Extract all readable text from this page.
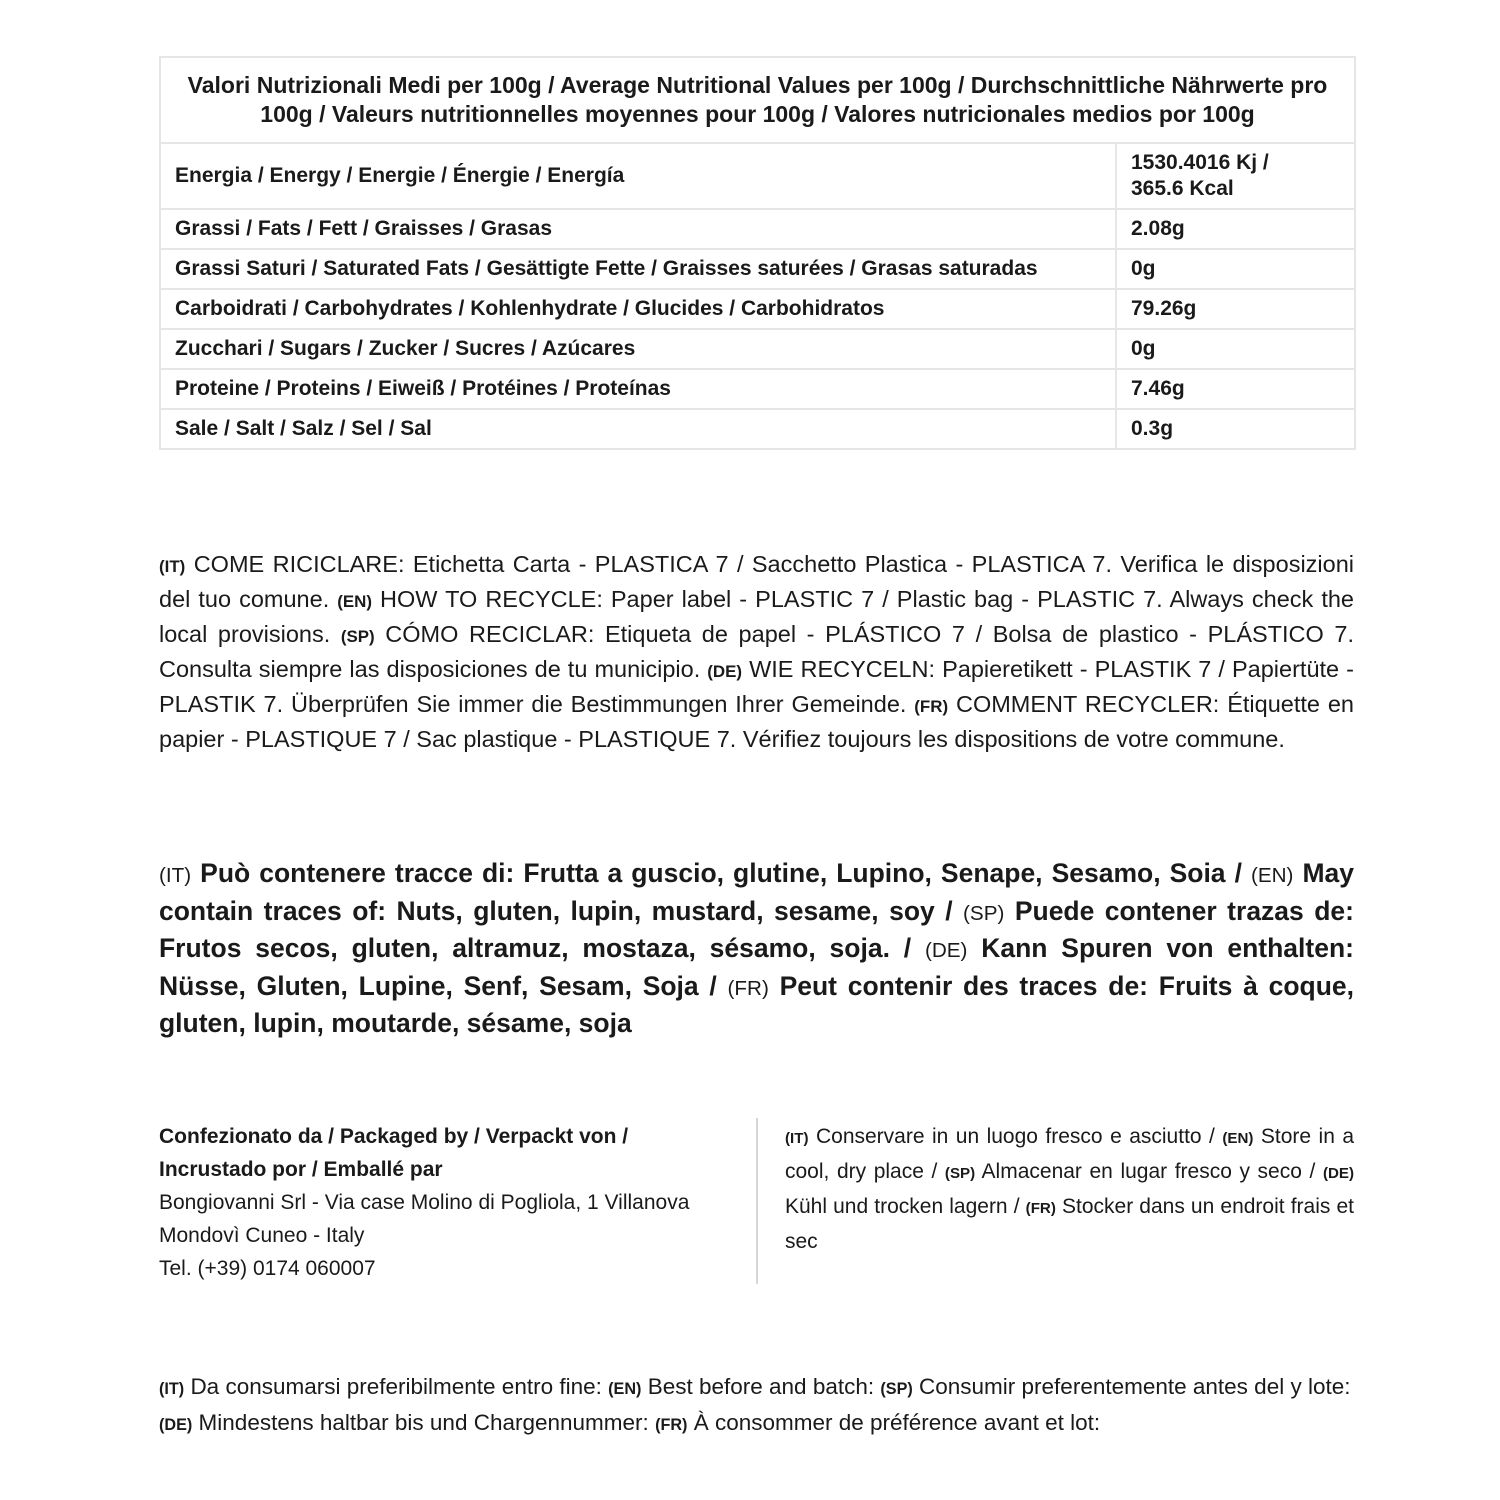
Valori Nutrizionali Medi per 100g / Average Nutritional Values per 100g / Durchschnittliche Nährwerte pro 100g / Valeurs nutritionnelles moyennes pour 100g / Valores nutricionales medios por 100g	
Energia / Energy / Energie / Énergie / Energía	1530.4016 Kj /
365.6 Kcal
Grassi / Fats / Fett / Graisses / Grasas	2.08g
Grassi Saturi / Saturated Fats / Gesättigte Fette / Graisses saturées / Grasas saturadas	0g
Carboidrati / Carbohydrates / Kohlenhydrate / Glucides / Carbohidratos	79.26g
Zucchari / Sugars / Zucker / Sucres / Azúcares	0g
Proteine / Proteins / Eiweiß / Protéines / Proteínas	7.46g
Sale / Salt / Salz / Sel / Sal	0.3g

(IT) COME RICICLARE: Etichetta Carta - PLASTICA 7 / Sacchetto Plastica - PLASTICA 7. Verifica le disposizioni del tuo comune. (EN) HOW TO RECYCLE: Paper label - PLASTIC 7 / Plastic bag - PLASTIC 7. Always check the local provisions. (SP) CÓMO RECICLAR: Etiqueta de papel - PLÁSTICO 7 / Bolsa de plastico - PLÁSTICO 7. Consulta siempre las disposiciones de tu municipio. (DE) WIE RECYCELN: Papieretikett - PLASTIK 7 / Papiertüte - PLASTIK 7. Überprüfen Sie immer die Bestimmungen Ihrer Gemeinde. (FR) COMMENT RECYCLER: Étiquette en papier - PLASTIQUE 7 / Sac plastique - PLASTIQUE 7. Vérifiez toujours les dispositions de votre commune.

(IT) Può contenere tracce di: Frutta a guscio, glutine, Lupino, Senape, Sesamo, Soia / (EN) May contain traces of: Nuts, gluten, lupin, mustard, sesame, soy / (SP) Puede contener trazas de: Frutos secos, gluten, altramuz, mostaza, sésamo, soja. / (DE) Kann Spuren von enthalten: Nüsse, Gluten, Lupine, Senf, Sesam, Soja / (FR) Peut contenir des traces de: Fruits à coque, gluten, lupin, moutarde, sésame, soja

Confezionato da / Packaged by / Verpackt von /
Incrustado por / Emballé par
Bongiovanni Srl - Via case Molino di Pogliola, 1 Villanova
Mondovì Cuneo - Italy
Tel. (+39) 0174 060007

(IT) Conservare in un luogo fresco e asciutto / (EN) Store in a cool, dry place / (SP) Almacenar en lugar fresco y seco / (DE) Kühl und trocken lagern / (FR) Stocker dans un endroit frais et sec

(IT) Da consumarsi preferibilmente entro fine: (EN) Best before and batch: (SP) Consumir preferentemente antes del y lote: (DE) Mindestens haltbar bis und Chargennummer: (FR) À consommer de préférence avant et lot:
